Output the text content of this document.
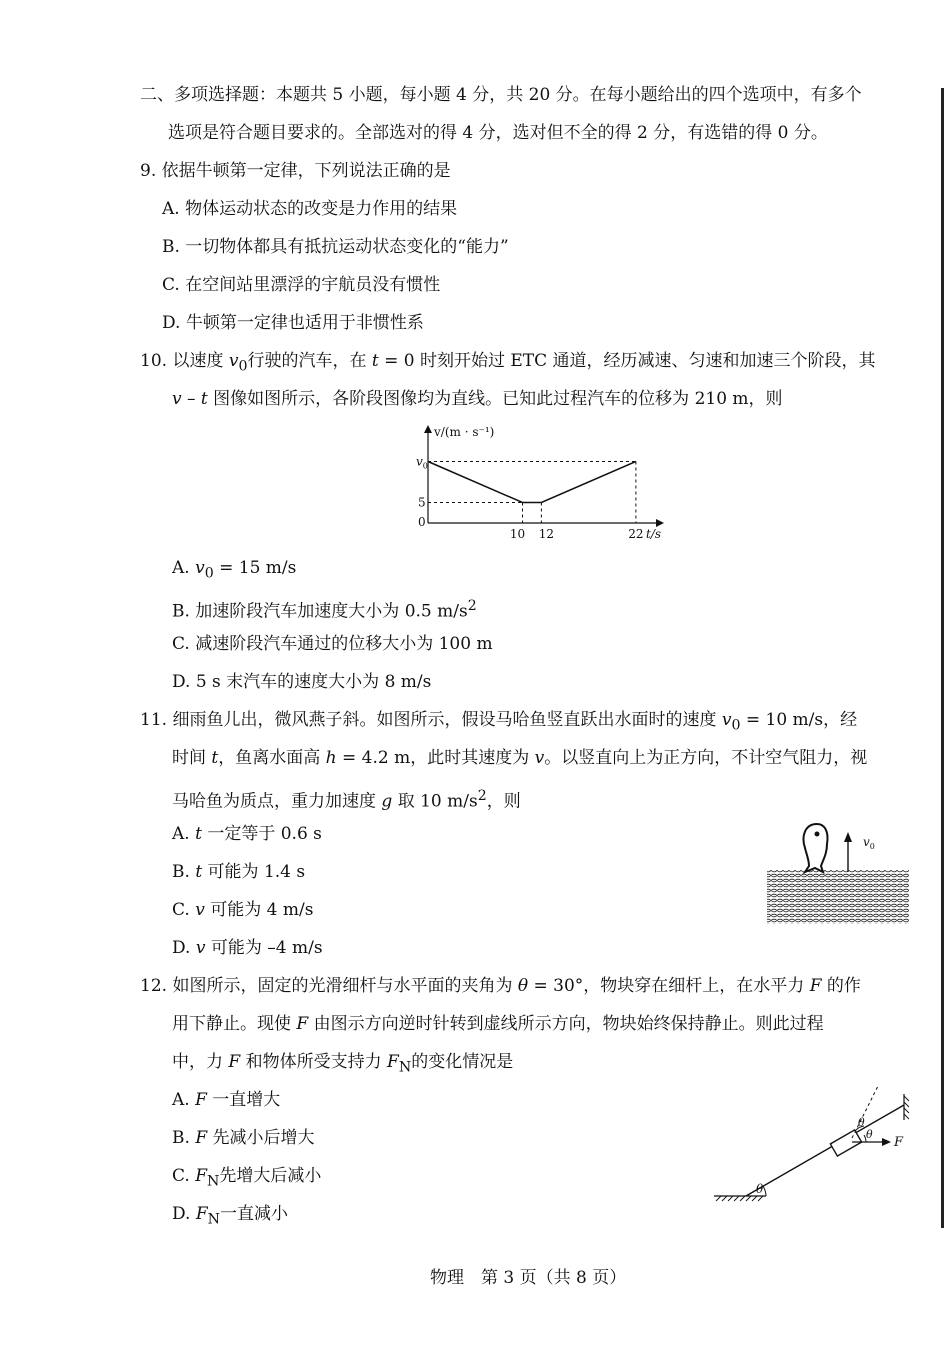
二、多项选择题：本题共 5 小题，每小题 4 分，共 20 分。在每小题给出的四个选项中，有多个
选项是符合题目要求的。全部选对的得 4 分，选对但不全的得 2 分，有选错的得 0 分。
9. 依据牛顿第一定律，下列说法正确的是
A. 物体运动状态的改变是力作用的结果
B. 一切物体都具有抵抗运动状态变化的“能力”
C. 在空间站里漂浮的宇航员没有惯性
D. 牛顿第一定律也适用于非惯性系
10. 以速度 $v_0$行驶的汽车，在 t = 0 时刻开始过 ETC 通道，经历减速、匀速和加速三个阶段，其
v – t 图像如图所示，各阶段图像均为直线。已知此过程汽车的位移为 210 m，则
v/(m · s⁻¹)
t/s
$v_0$
5
0
10 12	22
A. $v_0 = 15$ m/s
B. 加速阶段汽车加速度大小为 0.5 $m/s^2$
C. 减速阶段汽车通过的位移大小为 100 m
D. 5 s 末汽车的速度大小为 8 m/s
11. 细雨鱼儿出，微风燕子斜。如图所示，假设马哈鱼竖直跃出水面时的速度 $v_0 = 10$ m/s，经
时间 t，鱼离水面高 h = 4.2 m，此时其速度为 v。以竖直向上为正方向，不计空气阻力，视
马哈鱼为质点，重力加速度 g 取 10 $m/s^2$，则
A. t 一定等于 0.6 s
B. t 可能为 1.4 s
C. v 可能为 4 m/s
D. v 可能为 –4 m/s
$v_0$
12. 如图所示，固定的光滑细杆与水平面的夹角为 θ = 30°，物块穿在细杆上，在水平力 F 的作
用下静止。现使 F 由图示方向逆时针转到虚线所示方向，物块始终保持静止。则此过程
中，力 F 和物体所受支持力 $F_N$的变化情况是
A. F 一直增大
B. F 先减小后增大
C. $F_N$先增大后减小
D. $F_N$一直减小
θ
θ
θ
F
物理　第 3 页（共 8 页）
